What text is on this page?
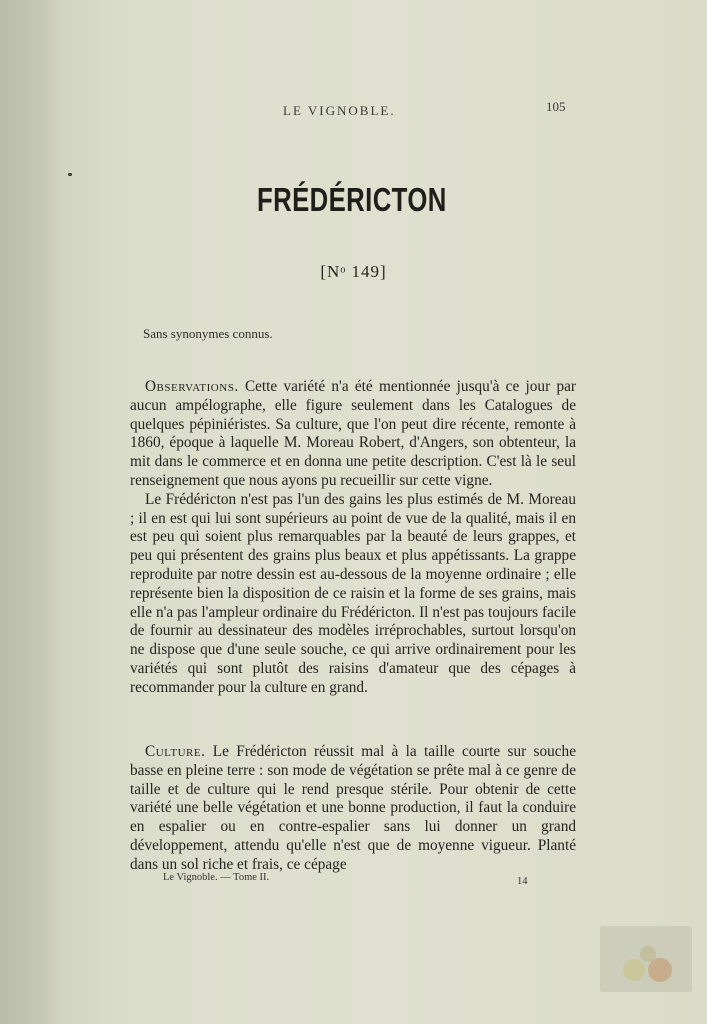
LE VIGNOBLE.	105
FRÉDÉRICTON
[Nᵒ 149]
Sans synonymes connus.

Observations. Cette variété n'a été mentionnée jusqu'à ce jour par aucun ampélographe, elle figure seulement dans les Catalogues de quelques pépiniéristes. Sa culture, que l'on peut dire récente, remonte à 1860, époque à laquelle M. Moreau Robert, d'Angers, son obtenteur, la mit dans le commerce et en donna une petite description. C'est là le seul renseignement que nous ayons pu recueillir sur cette vigne.

Le Frédéricton n'est pas l'un des gains les plus estimés de M. Moreau ; il en est qui lui sont supérieurs au point de vue de la qualité, mais il en est peu qui soient plus remarquables par la beauté de leurs grappes, et peu qui présentent des grains plus beaux et plus appétissants. La grappe reproduite par notre dessin est au-dessous de la moyenne ordinaire ; elle représente bien la disposition de ce raisin et la forme de ses grains, mais elle n'a pas l'ampleur ordinaire du Frédéricton. Il n'est pas toujours facile de fournir au dessinateur des modèles irréprochables, surtout lorsqu'on ne dispose que d'une seule souche, ce qui arrive ordinairement pour les variétés qui sont plutôt des raisins d'amateur que des cépages à recommander pour la culture en grand.

Culture. Le Frédéricton réussit mal à la taille courte sur souche basse en pleine terre : son mode de végétation se prête mal à ce genre de taille et de culture qui le rend presque stérile. Pour obtenir de cette variété une belle végétation et une bonne production, il faut la conduire en espalier ou en contre-espalier sans lui donner un grand développement, attendu qu'elle n'est que de moyenne vigueur. Planté dans un sol riche et frais, ce cépage

Le Vignoble. — Tome II.	14
